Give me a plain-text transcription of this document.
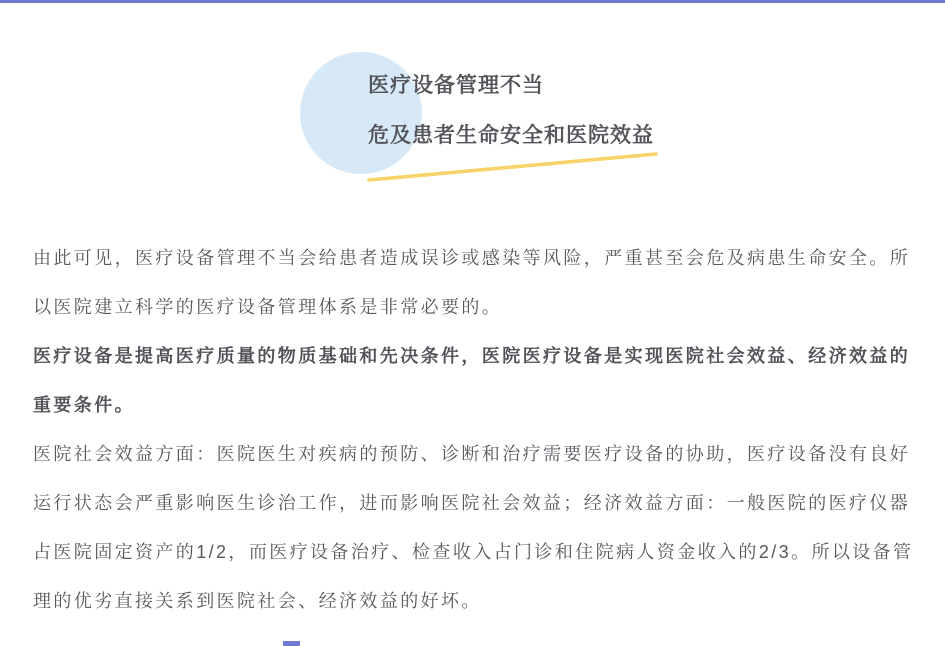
医疗设备管理不当
危及患者生命安全和医院效益
由此可见，医疗设备管理不当会给患者造成误诊或感染等风险，严重甚至会危及病患生命安全。所
以医院建立科学的医疗设备管理体系是非常必要的。
医疗设备是提高医疗质量的物质基础和先决条件，医院医疗设备是实现医院社会效益、经济效益的
重要条件。
医院社会效益方面：医院医生对疾病的预防、诊断和治疗需要医疗设备的协助，医疗设备没有良好
运行状态会严重影响医生诊治工作，进而影响医院社会效益；经济效益方面：一般医院的医疗仪器
占医院固定资产的1/2，而医疗设备治疗、检查收入占门诊和住院病人资金收入的2/3。所以设备管
理的优劣直接关系到医院社会、经济效益的好坏。
